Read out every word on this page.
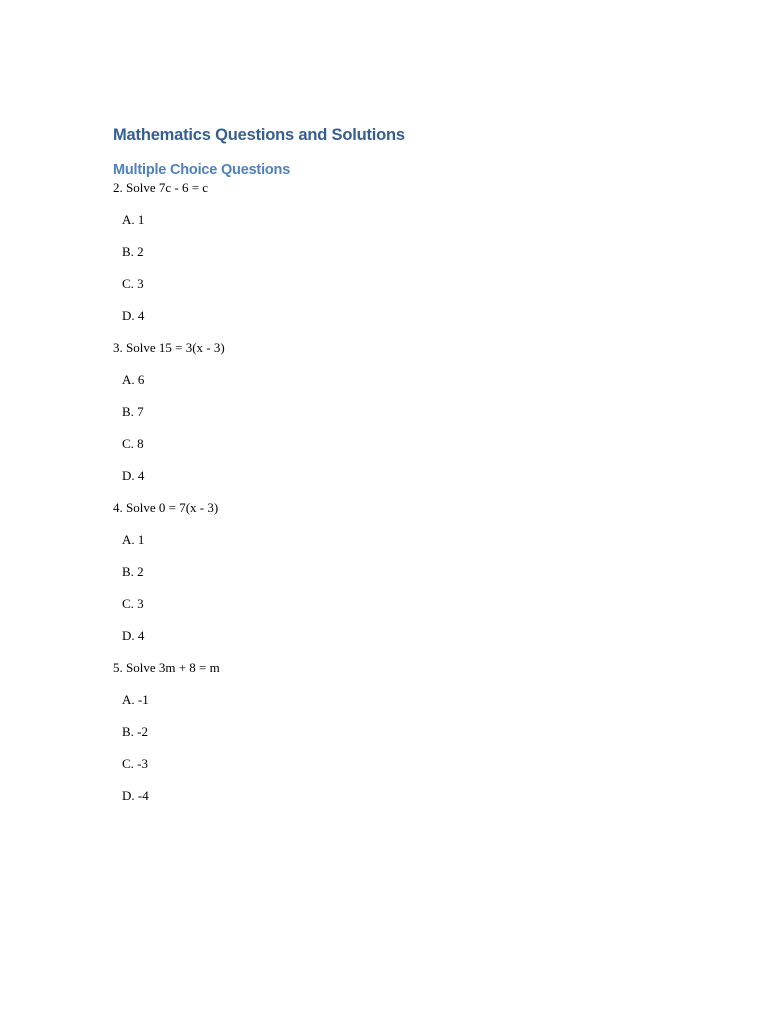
Mathematics Questions and Solutions
Multiple Choice Questions

2. Solve 7c - 6 = c

A. 1

B. 2

C. 3

D. 4

3. Solve 15 = 3(x - 3)

A. 6

B. 7

C. 8

D. 4

4. Solve 0 = 7(x - 3)

A. 1

B. 2

C. 3

D. 4

5. Solve 3m + 8 = m

A. -1

B. -2

C. -3

D. -4
